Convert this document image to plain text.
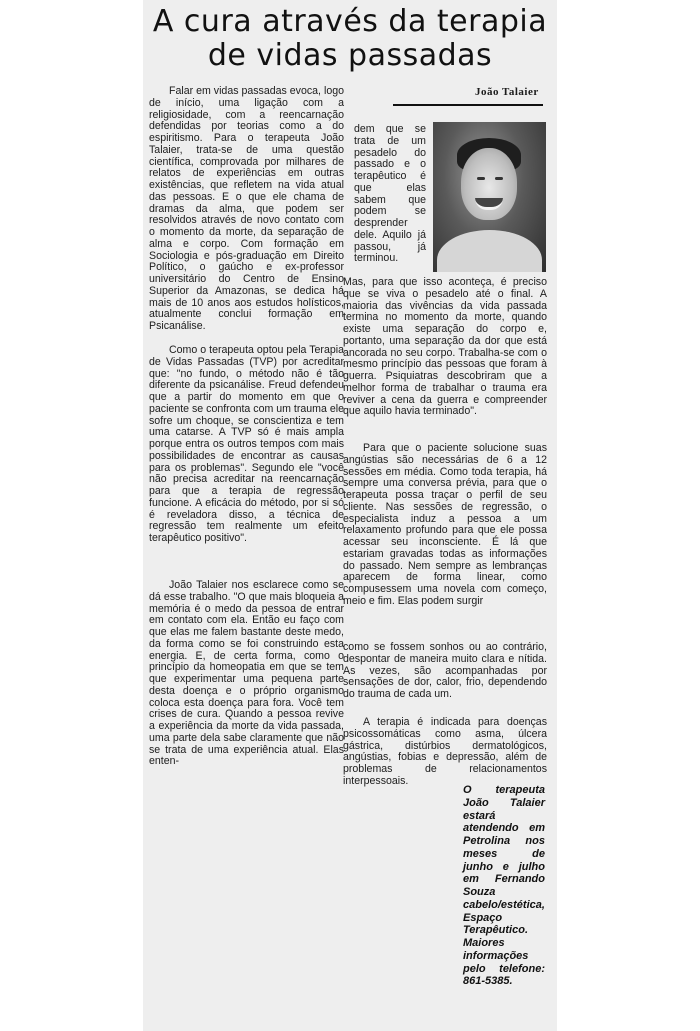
A cura através da terapia
de vidas passadas
João Talaier
Falar em vidas passadas evoca, logo de início, uma ligação com a religiosidade, com a reencarnação defendidas por teorias como a do espiritismo. Para o terapeuta João Talaier, trata-se de uma questão científica, comprovada por milhares de relatos de experiências em outras existências, que refletem na vida atual das pessoas. E o que ele chama de dramas da alma, que podem ser resolvidos através de novo contato com o momento da morte, da separação de alma e corpo. Com formação em Sociologia e pós-graduação em Direito Político, o gaúcho e ex-professor universitário do Centro de Ensino Superior da Amazonas, se dedica há mais de 10 anos aos estudos holísticos, atualmente conclui formação em Psicanálise.
Como o terapeuta optou pela Terapia de Vidas Passadas (TVP) por acreditar que: "no fundo, o método não é tão diferente da psicanálise. Freud defendeu que a partir do momento em que o paciente se confronta com um trauma ele sofre um choque, se conscientiza e tem uma catarse. A TVP só é mais ampla porque entra os outros tempos com mais possibilidades de encontrar as causas para os problemas". Segundo ele "você não precisa acreditar na reencarnação para que a terapia de regressão funcione. A eficácia do método, por si só é reveladora disso, a técnica de regressão tem realmente um efeito terapêutico positivo".
João Talaier nos esclarece como se dá esse trabalho. "O que mais bloqueia a memória é o medo da pessoa de entrar em contato com ela. Então eu faço com que elas me falem bastante deste medo, da forma como se foi construindo esta energia. E, de certa forma, como o princípio da homeopatia em que se tem que experimentar uma pequena parte desta doença e o próprio organismo coloca esta doença para fora. Você tem crises de cura. Quando a pessoa revive a experiência da morte da vida passada, uma parte dela sabe claramente que não se trata de uma experiência atual. Elas enten-
dem que se trata de um pesadelo do passado e o terapêutico é que elas sabem que podem se desprender dele. Aquilo já passou, já terminou.
Mas, para que isso aconteça, é preciso que se viva o pesadelo até o final. A maioria das vivências da vida passada termina no momento da morte, quando existe uma separação do corpo e, portanto, uma separação da dor que está ancorada no seu corpo. Trabalha-se com o mesmo princípio das pessoas que foram à guerra. Psiquiatras descobriram que a melhor forma de trabalhar o trauma era reviver a cena da guerra e compreender que aquilo havia terminado".
Para que o paciente solucione suas angústias são necessárias de 6 a 12 sessões em média. Como toda terapia, há sempre uma conversa prévia, para que o terapeuta possa traçar o perfil de seu cliente. Nas sessões de regressão, o especialista induz a pessoa a um relaxamento profundo para que ele possa acessar seu inconsciente. É lá que estariam gravadas todas as informações do passado. Nem sempre as lembranças aparecem de forma linear, como compusessem uma novela com começo, meio e fim. Elas podem surgir
como se fossem sonhos ou ao contrário, despontar de maneira muito clara e nítida. As vezes, são acompanhadas por sensações de dor, calor, frio, dependendo do trauma de cada um.
A terapia é indicada para doenças psicossomáticas como asma, úlcera gástrica, distúrbios dermatológicos, angústias, fobias e depressão, além de problemas de relacionamentos interpessoais.
O terapeuta João Talaier estará atendendo em Petrolina nos meses de junho e julho em Fernando Souza cabelo/estética, Espaço Terapêutico. Maiores informações pelo telefone: 861-5385.
